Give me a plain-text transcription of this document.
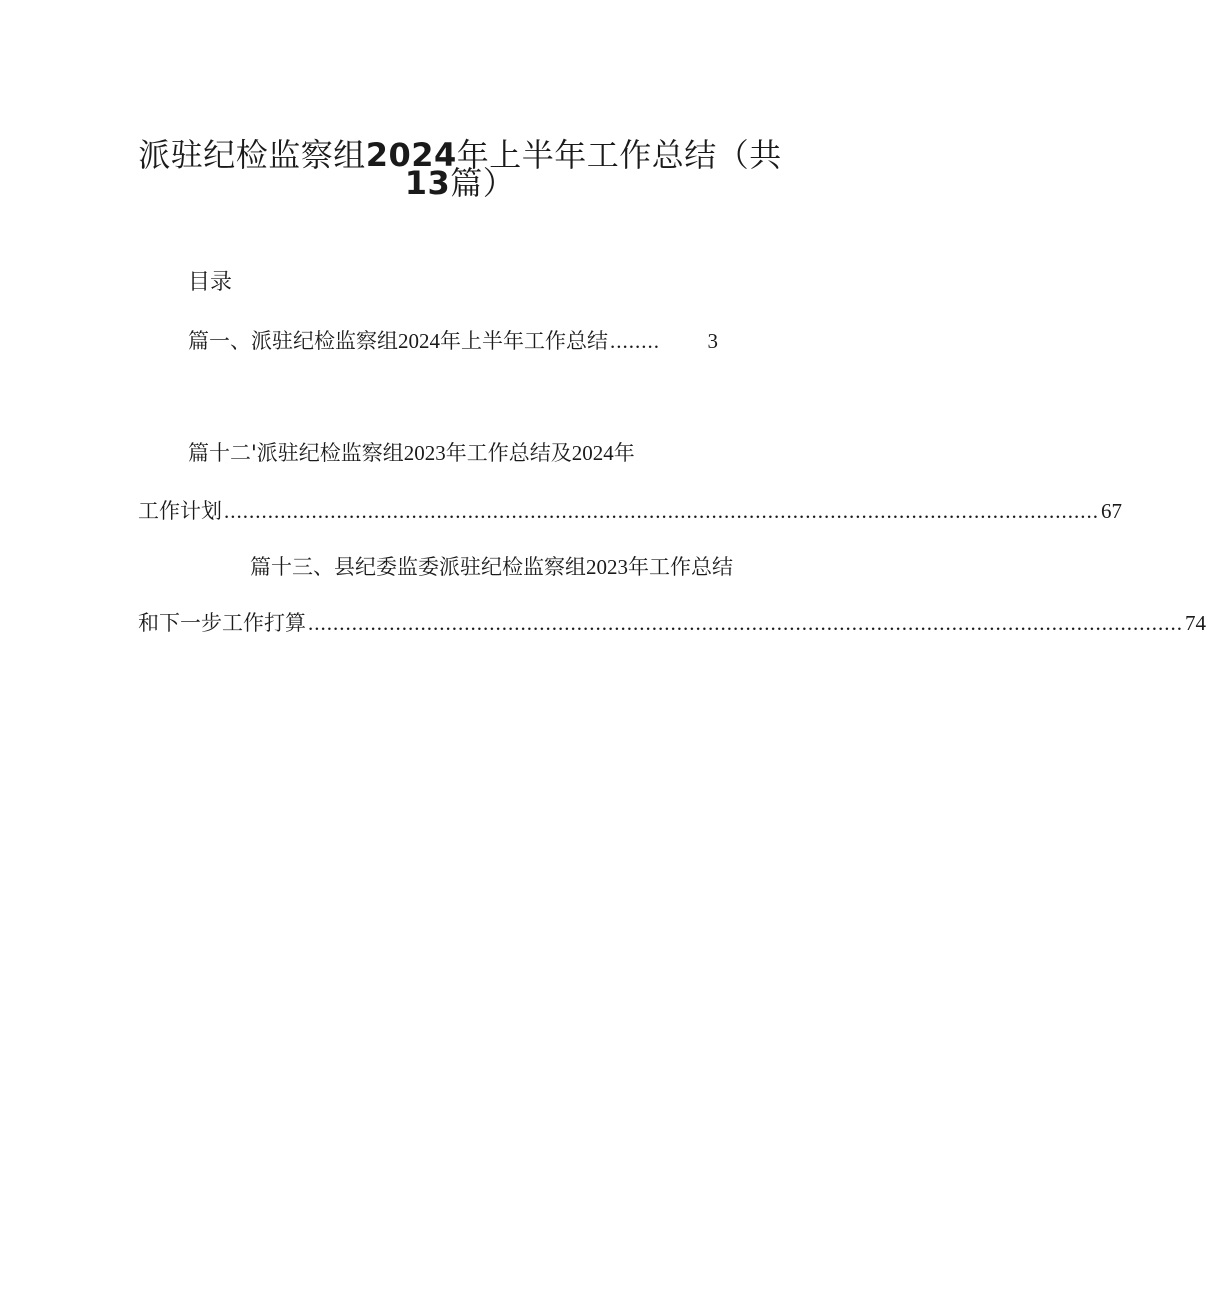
派驻纪检监察组2024年上半年工作总结（共
13篇）
目录
篇一、派驻纪检监察组 2024 年上半年工作总结 ........	3
篇十二'派驻纪检监察组 2023 年工作总结及 2024 年
工作计划 ............................................................................................................................................ 67
篇十三、县纪委监委派驻纪检监察组 2023 年工作总结
和下一步工作打算 ............................................................................................................................................ 74
